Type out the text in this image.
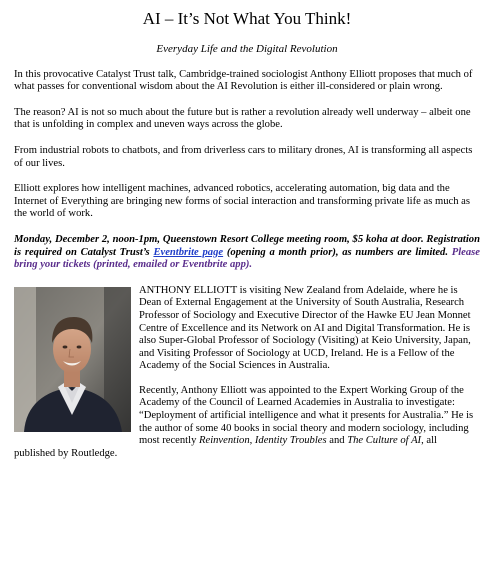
AI – It’s Not What You Think!
Everyday Life and the Digital Revolution

In this provocative Catalyst Trust talk, Cambridge-trained sociologist Anthony Elliott proposes that much of what passes for conventional wisdom about the AI Revolution is either ill-considered or plain wrong.

The reason? AI is not so much about the future but is rather a revolution already well underway – albeit one that is unfolding in complex and uneven ways across the globe.

From industrial robots to chatbots, and from driverless cars to military drones, AI is transforming all aspects of our lives.

Elliott explores how intelligent machines, advanced robotics, accelerating automation, big data and the Internet of Everything are bringing new forms of social interaction and transforming private life as much as the world of work.

Monday, December 2, noon-1pm, Queenstown Resort College meeting room, $5 koha at door. Registration is required on Catalyst Trust’s Eventbrite page (opening a month prior), as numbers are limited. Please bring your tickets (printed, emailed or Eventbrite app).

ANTHONY ELLIOTT is visiting New Zealand from Adelaide, where he is Dean of External Engagement at the University of South Australia, Research Professor of Sociology and Executive Director of the Hawke EU Jean Monnet Centre of Excellence and its Network on AI and Digital Transformation. He is also Super-Global Professor of Sociology (Visiting) at Keio University, Japan, and Visiting Professor of Sociology at UCD, Ireland. He is a Fellow of the Academy of the Social Sciences in Australia.

Recently, Anthony Elliott was appointed to the Expert Working Group of the Academy of the Council of Learned Academies in Australia to investigate: “Deployment of artificial intelligence and what it presents for Australia.” He is the author of some 40 books in social theory and modern sociology, including most recently Reinvention, Identity Troubles and The Culture of AI, all published by Routledge.
